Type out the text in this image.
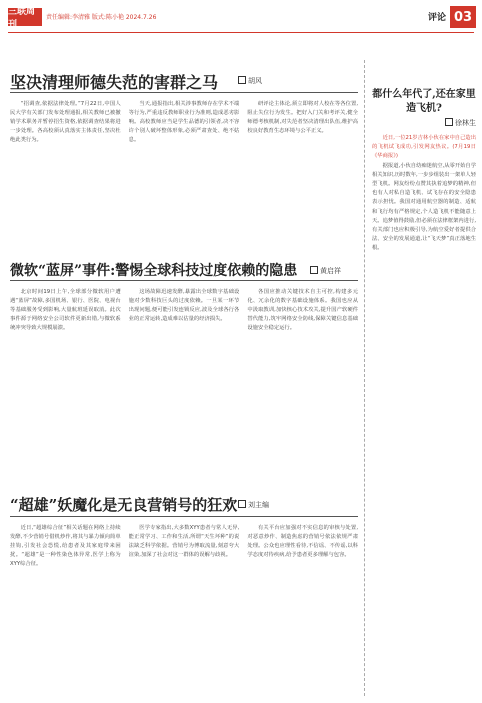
三联周刊
责任编辑:李清雅 版式:陈小艳 2024.7.26	评论 03
坚决清理师德失范的害群之马	胡风
“招调查,依据法律处理。”7月22日,中国人民大学有关部门发布处理通报,相关教师已被撤销学术职务并暂停招生资格,依据调查结果将进一步处理。各高校须认真落实主体责任,坚决杜绝此类行为。
当天,通报指出,相关涉事教师存在学术不端等行为,严重违反教师职业行为准则,造成恶劣影响。高校教师应当是学生品德的引领者,决不容许个别人破坏整体形象,必须严肃查处、绝不姑息。
研评论主体论,须立即将对人校在等各位置,阻止失位行为发生。把好入门关和考评关,健全师德考核机制,对失范者坚决清理出队伍,维护高校良好教育生态环境与公平正义。
微软“蓝屏”事件:警惕全球科技过度依赖的隐患	黄启祥
北京时间19日上午,全球部分微软用户遭遇“蓝屏”故障,多国机场、银行、医院、电视台等基础服务受到影响,大量航班延误取消。此次事件源于网络安全公司软件更新出错,与微软系统冲突导致大规模崩溃。
这场故障迅速发酵,暴露出全球数字基础设施对少数科技巨头的过度依赖。一旦某一环节出现问题,便可能引发连锁反应,波及全球各行各业的正常运转,造成难以估量的经济损失。
各国应推动关键技术自主可控,构建多元化、冗余化的数字基础设施体系。我国也应从中汲取教训,加快核心技术攻关,提升国产软硬件替代能力,筑牢网络安全防线,保障关键信息基础设施安全稳定运行。
“超雄”妖魔化是无良营销号的狂欢	刘主编
近日,“超雄综合征”相关话题在网络上持续发酵,不少营销号借机炒作,将其与暴力倾向简单挂钩,引发社会恐慌,给患者及其家庭带来困扰。“超雄”是一种性染色体异常,医学上称为XYY综合征。
医学专家指出,大多数XYY患者与常人无异,能正常学习、工作和生活,所谓“天生坏种”的说法缺乏科学依据。营销号为博取流量,刻意夸大渲染,加深了社会对这一群体的误解与歧视。
有关平台应加强对不实信息的审核与处置,对恶意炒作、制造焦虑的营销号依法依规严肃处理。公众也应理性看待,不信谣、不传谣,以科学态度对待疾病,给予患者更多理解与包容。
都什么年代了,还在家里造飞机?
徐林生

近日,一位21岁吉林小伙在家中自己造出的飞机试飞成功,引发网友热议。(7月19日《华商报》)

据报道,小伙自幼痴迷航空,从零开始自学相关知识,历时数年,一步步组装出一架单人轻型飞机。网友纷纷点赞其执着追梦的精神,但也有人对私自造飞机、试飞存在的安全隐患表示担忧。我国对通用航空器的制造、适航和飞行均有严格规定,个人造飞机不能随意上天。追梦值得鼓励,但必须在法律框架内进行,有关部门也应积极引导,为航空爱好者提供合法、安全的发展通道,让“飞天梦”真正落地生根。
